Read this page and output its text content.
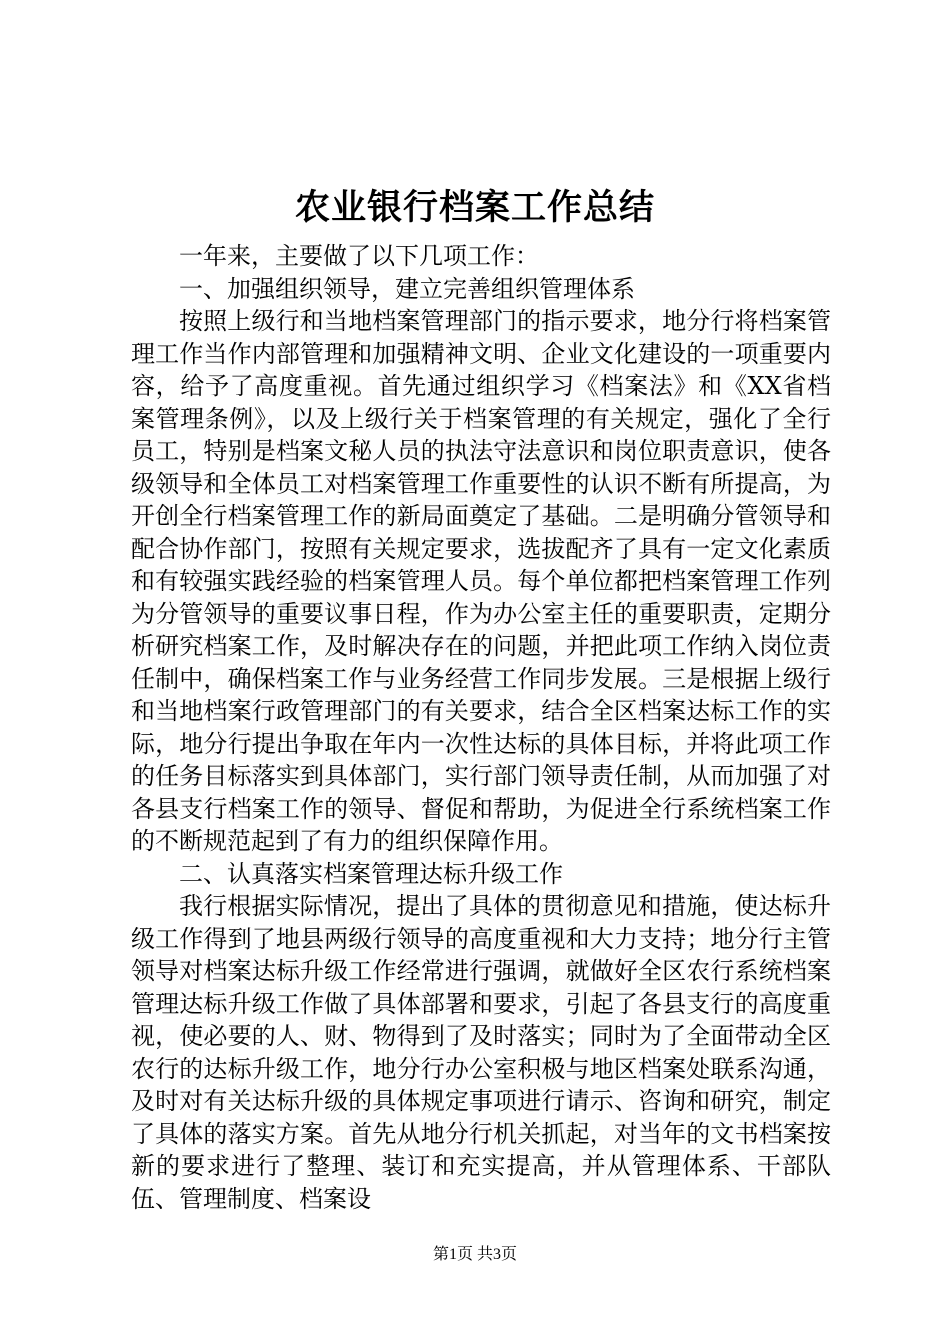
农业银行档案工作总结

一年来，主要做了以下几项工作：

一、加强组织领导，建立完善组织管理体系

按照上级行和当地档案管理部门的指示要求，地分行将档案管理工作当作内部管理和加强精神文明、企业文化建设的一项重要内容，给予了高度重视。首先通过组织学习《档案法》和《XX省档案管理条例》，以及上级行关于档案管理的有关规定，强化了全行员工，特别是档案文秘人员的执法守法意识和岗位职责意识，使各级领导和全体员工对档案管理工作重要性的认识不断有所提高，为开创全行档案管理工作的新局面奠定了基础。二是明确分管领导和配合协作部门，按照有关规定要求，选拔配齐了具有一定文化素质和有较强实践经验的档案管理人员。每个单位都把档案管理工作列为分管领导的重要议事日程，作为办公室主任的重要职责，定期分析研究档案工作，及时解决存在的问题，并把此项工作纳入岗位责任制中，确保档案工作与业务经营工作同步发展。三是根据上级行和当地档案行政管理部门的有关要求，结合全区档案达标工作的实际，地分行提出争取在年内一次性达标的具体目标，并将此项工作的任务目标落实到具体部门，实行部门领导责任制，从而加强了对各县支行档案工作的领导、督促和帮助，为促进全行系统档案工作的不断规范起到了有力的组织保障作用。

二、认真落实档案管理达标升级工作

我行根据实际情况，提出了具体的贯彻意见和措施，使达标升级工作得到了地县两级行领导的高度重视和大力支持；地分行主管领导对档案达标升级工作经常进行强调，就做好全区农行系统档案管理达标升级工作做了具体部署和要求，引起了各县支行的高度重视，使必要的人、财、物得到了及时落实；同时为了全面带动全区农行的达标升级工作，地分行办公室积极与地区档案处联系沟通，及时对有关达标升级的具体规定事项进行请示、咨询和研究，制定了具体的落实方案。首先从地分行机关抓起，对当年的文书档案按新的要求进行了整理、装订和充实提高，并从管理体系、干部队伍、管理制度、档案设

第1页 共3页
